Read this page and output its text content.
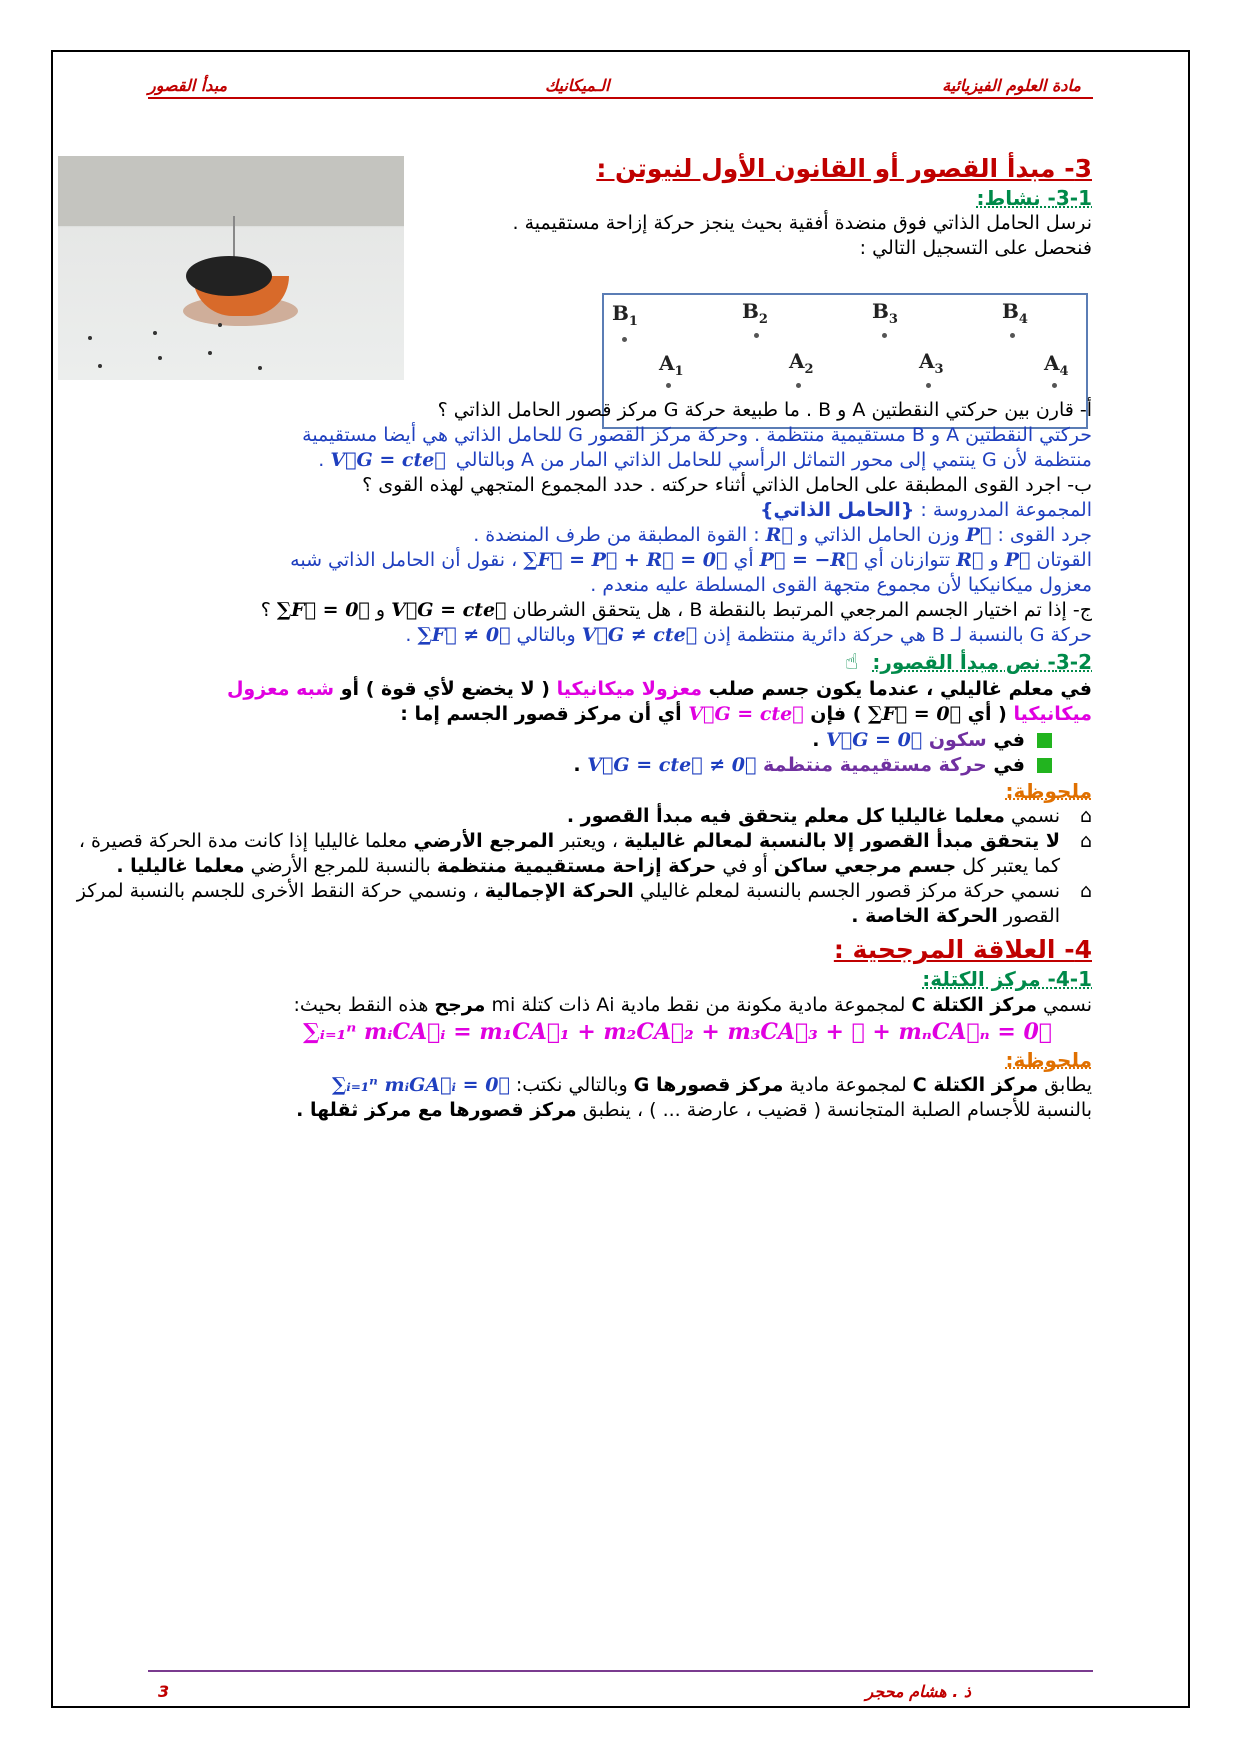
مادة العلوم الفيزيائية
الـميكانيك
مبدأ القصور
$B_1$	$B_2$	$B_3$	$B_4$
$A_1$	$A_2$	$A_3$	$A_4$

3- مبدأ القصور أو القانون الأول لنيوتن :

3-1- نشاط:

نرسل الحامل الذاتي فوق منضدة أفقية بحيث ينجز حركة إزاحة مستقيمية .

فنحصل على التسجيل التالي :

أ- قارن بين حركتي النقطتين A و B . ما طبيعة حركة G مركز قصور الحامل الذاتي ؟

حركتي النقطتين A و B مستقيمية منتظمة . وحركة مركز القصور G للحامل الذاتي هي أيضا مستقيمية

منتظمة لأن G ينتمي إلى محور التماثل الرأسي للحامل الذاتي المار من A وبالتالي V⃗G = cte⃗ .

ب- اجرد القوى المطبقة على الحامل الذاتي أثناء حركته . حدد المجموع المتجهي لهذه القوى ؟

المجموعة المدروسة : {الحامل الذاتي}

جرد القوى : P⃗ وزن الحامل الذاتي و R⃗ : القوة المطبقة من طرف المنضدة .

القوتان P⃗ و R⃗ تتوازنان أي P⃗ = −R⃗ أي ∑F⃗ = P⃗ + R⃗ = 0⃗ ، نقول أن الحامل الذاتي شبه

معزول ميكانيكيا لأن مجموع متجهة القوى المسلطة عليه منعدم .

ج- إذا تم اختيار الجسم المرجعي المرتبط بالنقطة B ، هل يتحقق الشرطان V⃗G = cte⃗ و ∑F⃗ = 0⃗ ؟

حركة G بالنسبة لـ B هي حركة دائرية منتظمة إذن V⃗G ≠ cte⃗ وبالتالي ∑F⃗ ≠ 0⃗ .

3-2- نص مبدأ القصور:☝

في معلم غاليلي ، عندما يكون جسم صلب معزولا ميكانيكيا ( لا يخضع لأي قوة ) أو شبه معزول

ميكانيكيا ( أي ∑F⃗ = 0⃗ ) فإن V⃗G = cte⃗ أي أن مركز قصور الجسم إما :

في سكون V⃗G = 0⃗ .

في حركة مستقيمية منتظمة V⃗G = cte⃗ ≠ 0⃗ .

ملحوظة:

⌂

نسمي معلما غاليليا كل معلم يتحقق فيه مبدأ القصور .

⌂

لا يتحقق مبدأ القصور إلا بالنسبة لمعالم غاليلية ، ويعتبر المرجع الأرضي معلما غاليليا إذا كانت مدة الحركة قصيرة ، كما يعتبر كل جسم مرجعي ساكن أو في حركة إزاحة مستقيمية منتظمة بالنسبة للمرجع الأرضي معلما غاليليا .

⌂

نسمي حركة مركز قصور الجسم بالنسبة لمعلم غاليلي الحركة الإجمالية ، ونسمي حركة النقط الأخرى للجسم بالنسبة لمركز القصور الحركة الخاصة .

4- العلاقة المرجحية :

4-1- مركز الكتلة:

نسمي مركز الكتلة C لمجموعة مادية مكونة من نقط مادية Ai ذات كتلة mi مرجح هذه النقط بحيث:

∑ᵢ₌₁ⁿ mᵢCA⃗ᵢ = m₁CA⃗₁ + m₂CA⃗₂ + m₃CA⃗₃ + ⋯ + mₙCA⃗ₙ = 0⃗

ملحوظة:

يطابق مركز الكتلة C لمجموعة مادية مركز قصورها G وبالتالي نكتب: ∑ᵢ₌₁ⁿ mᵢGA⃗ᵢ = 0⃗

بالنسبة للأجسام الصلبة المتجانسة ( قضيب ، عارضة ... ) ، ينطبق مركز قصورها مع مركز ثقلها .

ذ . هشام محجر
3
